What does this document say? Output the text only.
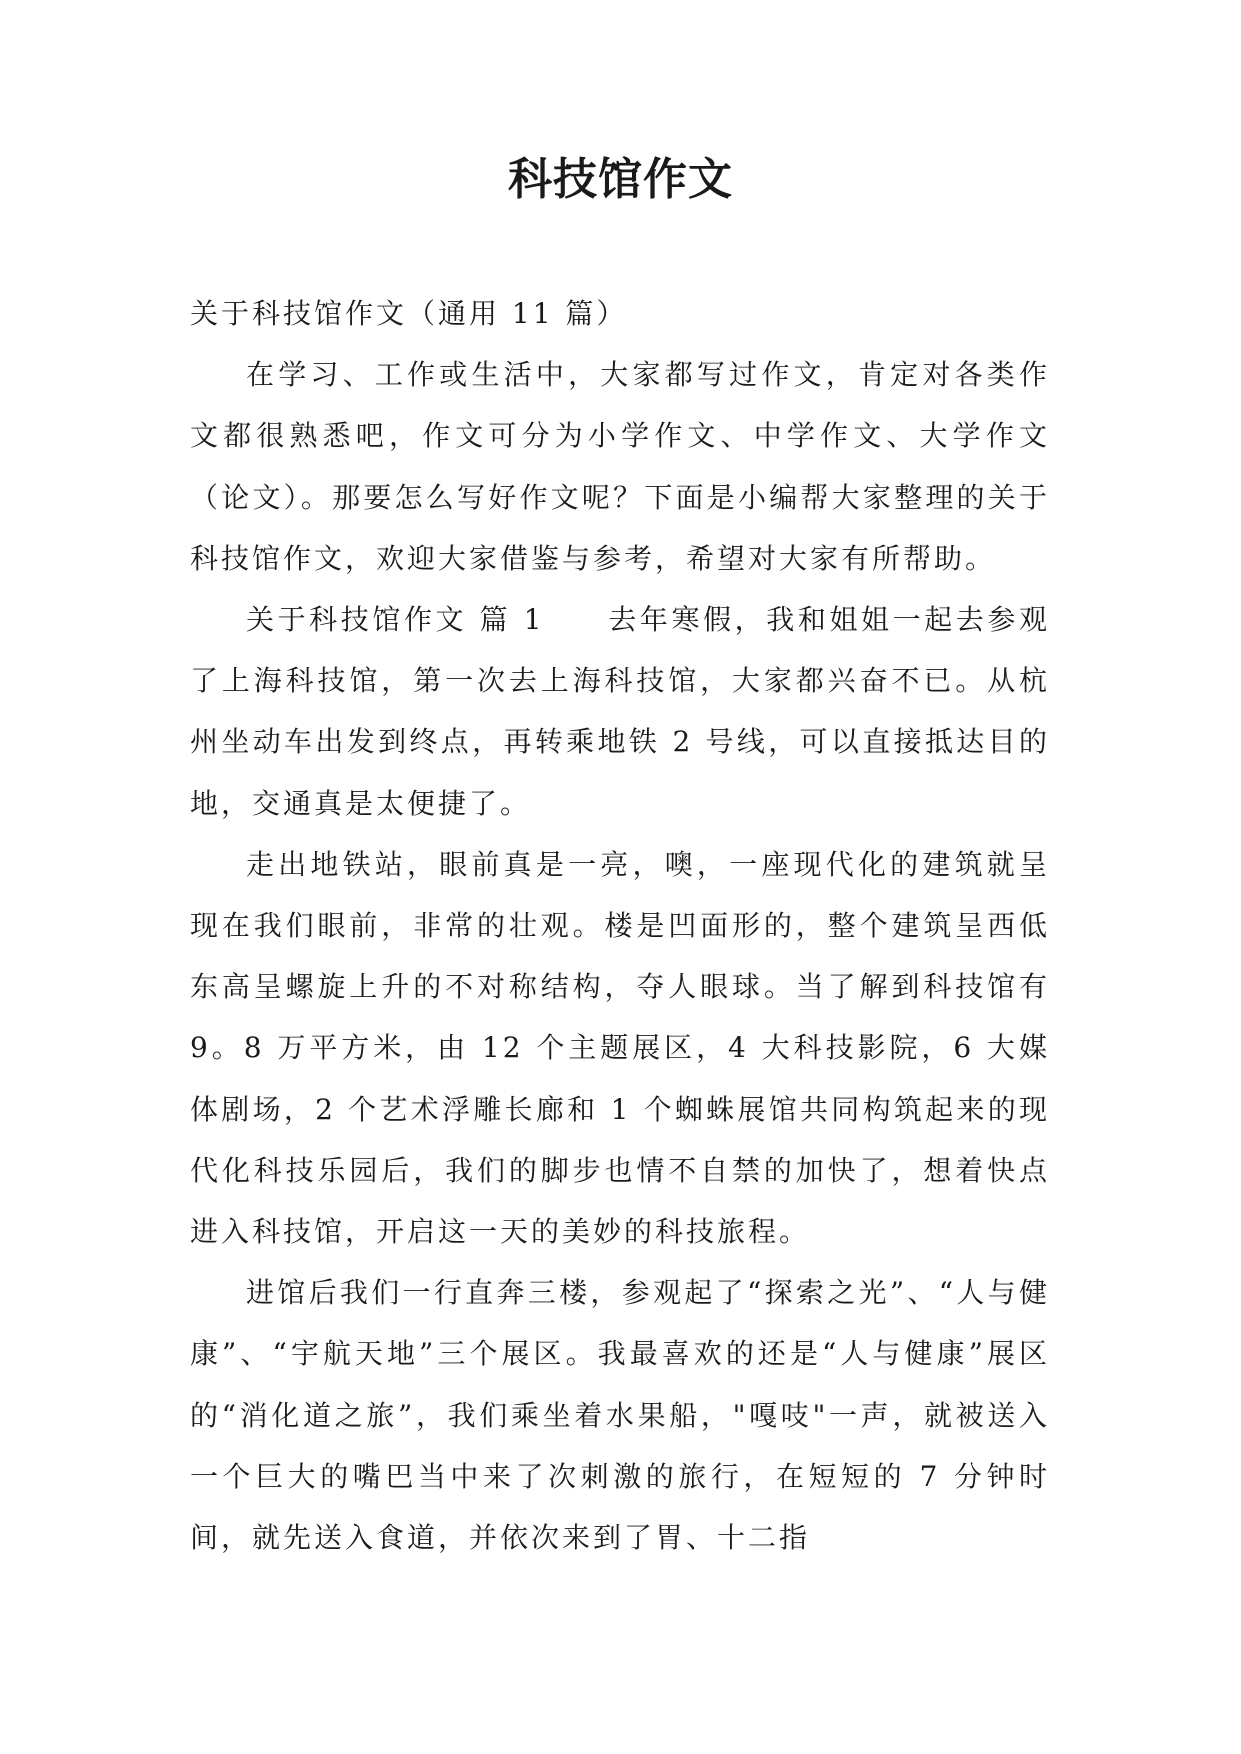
科技馆作文

关于科技馆作文（通用 11 篇）

在学习、工作或生活中，大家都写过作文，肯定对各类作文都很熟悉吧，作文可分为小学作文、中学作文、大学作文（论文）。那要怎么写好作文呢？下面是小编帮大家整理的关于科技馆作文，欢迎大家借鉴与参考，希望对大家有所帮助。

关于科技馆作文 篇 1　　去年寒假，我和姐姐一起去参观了上海科技馆，第一次去上海科技馆，大家都兴奋不已。从杭州坐动车出发到终点，再转乘地铁 2 号线，可以直接抵达目的地，交通真是太便捷了。

走出地铁站，眼前真是一亮，噢，一座现代化的建筑就呈现在我们眼前，非常的壮观。楼是凹面形的，整个建筑呈西低东高呈螺旋上升的不对称结构，夺人眼球。当了解到科技馆有 9。8 万平方米，由 12 个主题展区，4 大科技影院，6 大媒体剧场，2 个艺术浮雕长廊和 1 个蜘蛛展馆共同构筑起来的现代化科技乐园后，我们的脚步也情不自禁的加快了，想着快点进入科技馆，开启这一天的美妙的科技旅程。

进馆后我们一行直奔三楼，参观起了“探索之光”、“人与健康”、“宇航天地”三个展区。我最喜欢的还是“人与健康”展区的“消化道之旅”，我们乘坐着水果船，"嘎吱"一声，就被送入一个巨大的嘴巴当中来了次刺激的旅行，在短短的 7 分钟时间，就先送入食道，并依次来到了胃、十二指
